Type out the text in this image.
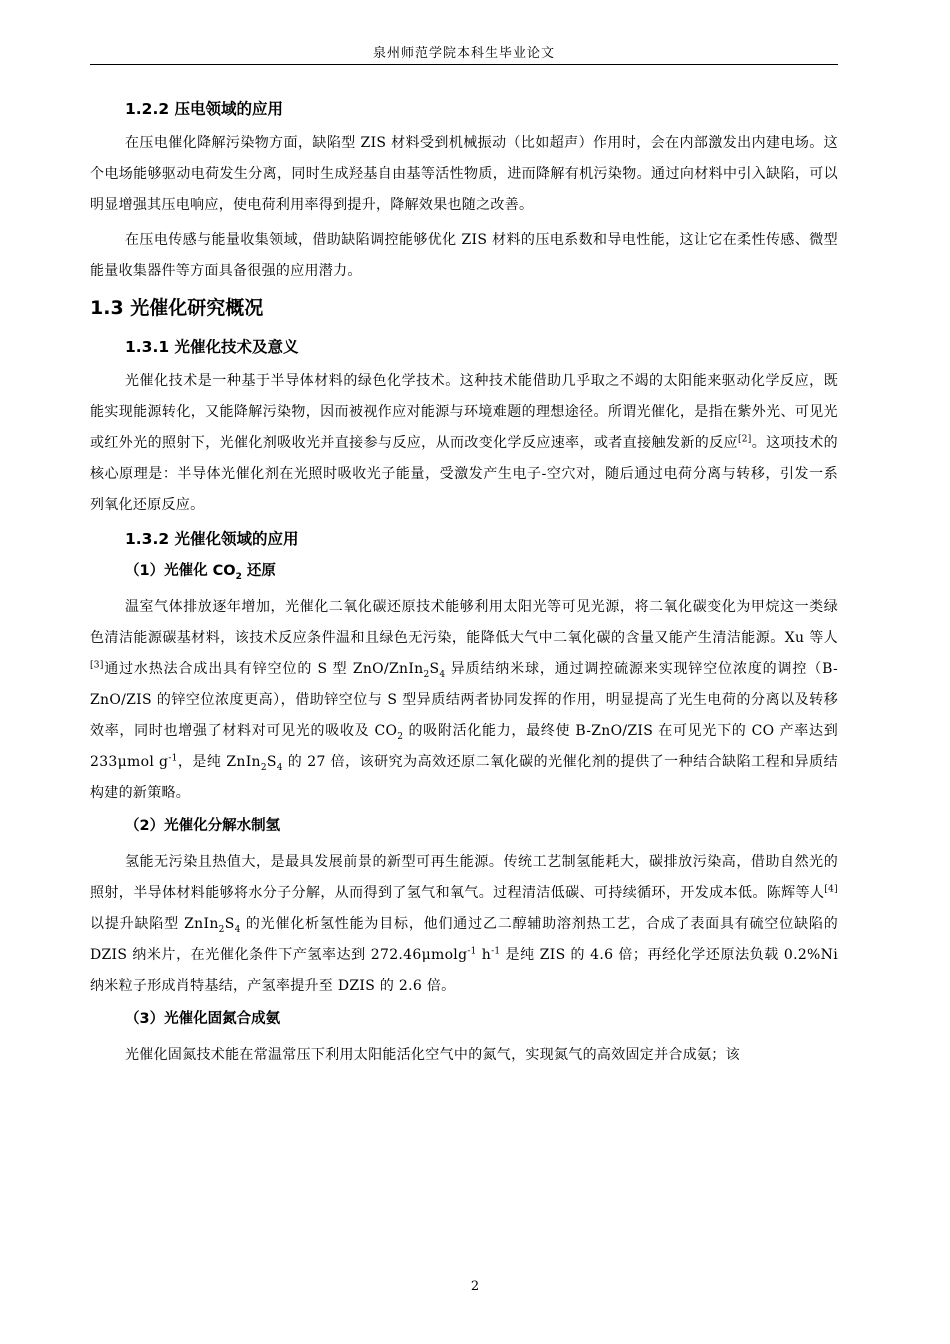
泉州师范学院本科生毕业论文
1.2.2 压电领域的应用

在压电催化降解污染物方面，缺陷型 ZIS 材料受到机械振动（比如超声）作用时，会在内部激发出内建电场。这个电场能够驱动电荷发生分离，同时生成羟基自由基等活性物质，进而降解有机污染物。通过向材料中引入缺陷，可以明显增强其压电响应，使电荷利用率得到提升，降解效果也随之改善。

在压电传感与能量收集领域，借助缺陷调控能够优化 ZIS 材料的压电系数和导电性能，这让它在柔性传感、微型能量收集器件等方面具备很强的应用潜力。

1.3 光催化研究概况
1.3.1 光催化技术及意义

光催化技术是一种基于半导体材料的绿色化学技术。这种技术能借助几乎取之不竭的太阳能来驱动化学反应，既能实现能源转化，又能降解污染物，因而被视作应对能源与环境难题的理想途径。所谓光催化，是指在紫外光、可见光或红外光的照射下，光催化剂吸收光并直接参与反应，从而改变化学反应速率，或者直接触发新的反应[2]。这项技术的核心原理是：半导体光催化剂在光照时吸收光子能量，受激发产生电子-空穴对，随后通过电荷分离与转移，引发一系列氧化还原反应。

1.3.2 光催化领域的应用
（1）光催化 $CO_2$ 还原

温室气体排放逐年增加，光催化二氧化碳还原技术能够利用太阳光等可见光源，将二氧化碳变化为甲烷这一类绿色清洁能源碳基材料，该技术反应条件温和且绿色无污染，能降低大气中二氧化碳的含量又能产生清洁能源。Xu 等人[3]通过水热法合成出具有锌空位的 S 型 ZnO/$ZnIn_2S_4$ 异质结纳米球，通过调控硫源来实现锌空位浓度的调控（B-ZnO/ZIS 的锌空位浓度更高），借助锌空位与 S 型异质结两者协同发挥的作用，明显提高了光生电荷的分离以及转移效率，同时也增强了材料对可见光的吸收及 $CO_2$ 的吸附活化能力，最终使 B-ZnO/ZIS 在可见光下的 CO 产率达到 233μmol $g^{-1}$，是纯 $ZnIn_2S_4$ 的 27 倍，该研究为高效还原二氧化碳的光催化剂的提供了一种结合缺陷工程和异质结构建的新策略。

（2）光催化分解水制氢

氢能无污染且热值大，是最具发展前景的新型可再生能源。传统工艺制氢能耗大，碳排放污染高，借助自然光的照射，半导体材料能够将水分子分解，从而得到了氢气和氧气。过程清洁低碳、可持续循环，开发成本低。陈辉等人[4]以提升缺陷型 $ZnIn_2S_4$ 的光催化析氢性能为目标，他们通过乙二醇辅助溶剂热工艺，合成了表面具有硫空位缺陷的 DZIS 纳米片，在光催化条件下产氢率达到 272.46μmolg$^{-1}$ $h^{-1}$ 是纯 ZIS 的 4.6 倍；再经化学还原法负载 0.2%Ni 纳米粒子形成肖特基结，产氢率提升至 DZIS 的 2.6 倍。

（3）光催化固氮合成氨

光催化固氮技术能在常温常压下利用太阳能活化空气中的氮气，实现氮气的高效固定并合成氨；该

2
